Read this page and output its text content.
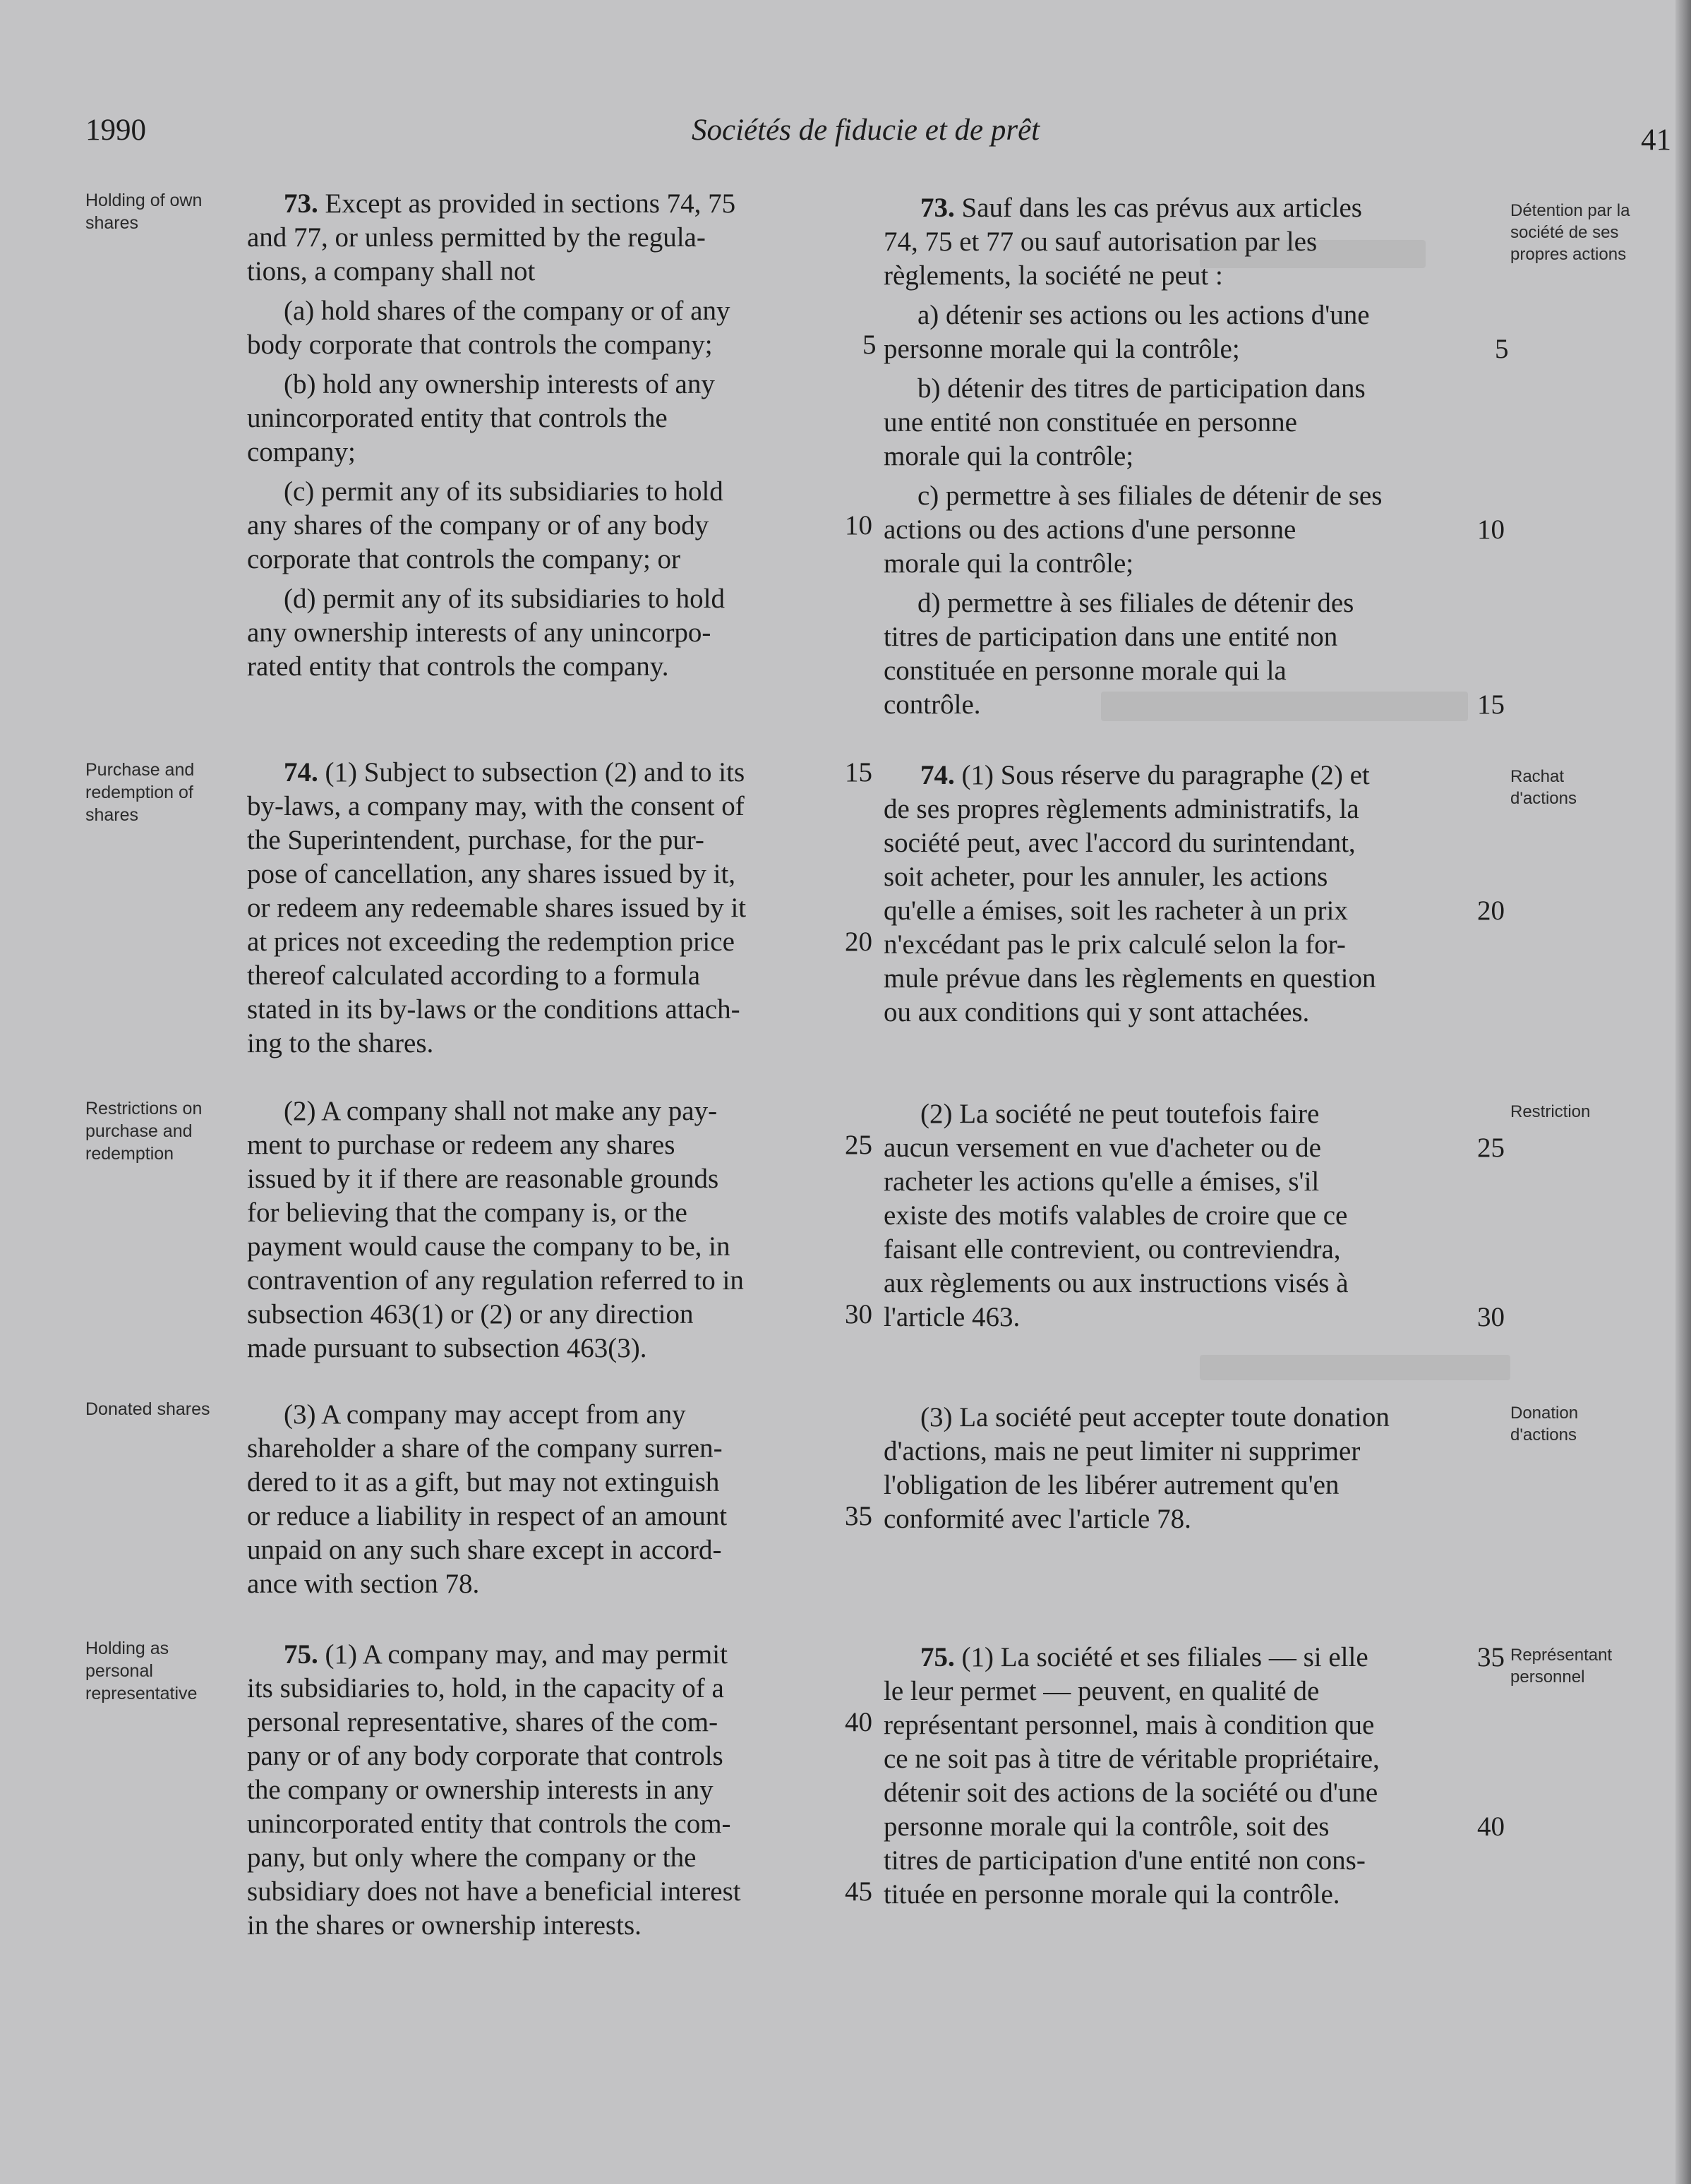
1990	Sociétés de fiducie et de prêt	41
Holding of own shares
Purchase and redemption of shares
Restrictions on purchase and redemption
Donated shares
Holding as personal representative
Détention par la société de ses propres actions
Rachat d'actions
Restriction
Donation d'actions
Représentant personnel
73. Except as provided in sections 74, 75
and 77, or unless permitted by the regula-
tions, a company shall not
(a) hold shares of the company or of any
body corporate that controls the company;
(b) hold any ownership interests of any
unincorporated entity that controls the
company;
(c) permit any of its subsidiaries to hold
any shares of the company or of any body
corporate that controls the company; or
(d) permit any of its subsidiaries to hold
any ownership interests of any unincorpo-
rated entity that controls the company.
74. (1) Subject to subsection (2) and to its
by-laws, a company may, with the consent of
the Superintendent, purchase, for the pur-
pose of cancellation, any shares issued by it,
or redeem any redeemable shares issued by it
at prices not exceeding the redemption price
thereof calculated according to a formula
stated in its by-laws or the conditions attach-
ing to the shares.
(2) A company shall not make any pay-
ment to purchase or redeem any shares
issued by it if there are reasonable grounds
for believing that the company is, or the
payment would cause the company to be, in
contravention of any regulation referred to in
subsection 463(1) or (2) or any direction
made pursuant to subsection 463(3).
(3) A company may accept from any
shareholder a share of the company surren-
dered to it as a gift, but may not extinguish
or reduce a liability in respect of an amount
unpaid on any such share except in accord-
ance with section 78.
75. (1) A company may, and may permit
its subsidiaries to, hold, in the capacity of a
personal representative, shares of the com-
pany or of any body corporate that controls
the company or ownership interests in any
unincorporated entity that controls the com-
pany, but only where the company or the
subsidiary does not have a beneficial interest
in the shares or ownership interests.
5
10
15
20
25
30
35
40
45
73. Sauf dans les cas prévus aux articles
74, 75 et 77 ou sauf autorisation par les
règlements, la société ne peut :
a) détenir ses actions ou les actions d'une
personne morale qui la contrôle;
b) détenir des titres de participation dans
une entité non constituée en personne
morale qui la contrôle;
c) permettre à ses filiales de détenir de ses
actions ou des actions d'une personne
morale qui la contrôle;
d) permettre à ses filiales de détenir des
titres de participation dans une entité non
constituée en personne morale qui la
contrôle.
74. (1) Sous réserve du paragraphe (2) et
de ses propres règlements administratifs, la
société peut, avec l'accord du surintendant,
soit acheter, pour les annuler, les actions
qu'elle a émises, soit les racheter à un prix
n'excédant pas le prix calculé selon la for-
mule prévue dans les règlements en question
ou aux conditions qui y sont attachées.
(2) La société ne peut toutefois faire
aucun versement en vue d'acheter ou de
racheter les actions qu'elle a émises, s'il
existe des motifs valables de croire que ce
faisant elle contrevient, ou contreviendra,
aux règlements ou aux instructions visés à
l'article 463.
(3) La société peut accepter toute donation
d'actions, mais ne peut limiter ni supprimer
l'obligation de les libérer autrement qu'en
conformité avec l'article 78.
75. (1) La société et ses filiales — si elle
le leur permet — peuvent, en qualité de
représentant personnel, mais à condition que
ce ne soit pas à titre de véritable propriétaire,
détenir soit des actions de la société ou d'une
personne morale qui la contrôle, soit des
titres de participation d'une entité non cons-
tituée en personne morale qui la contrôle.
5
10
15
20
25
30
35
40
